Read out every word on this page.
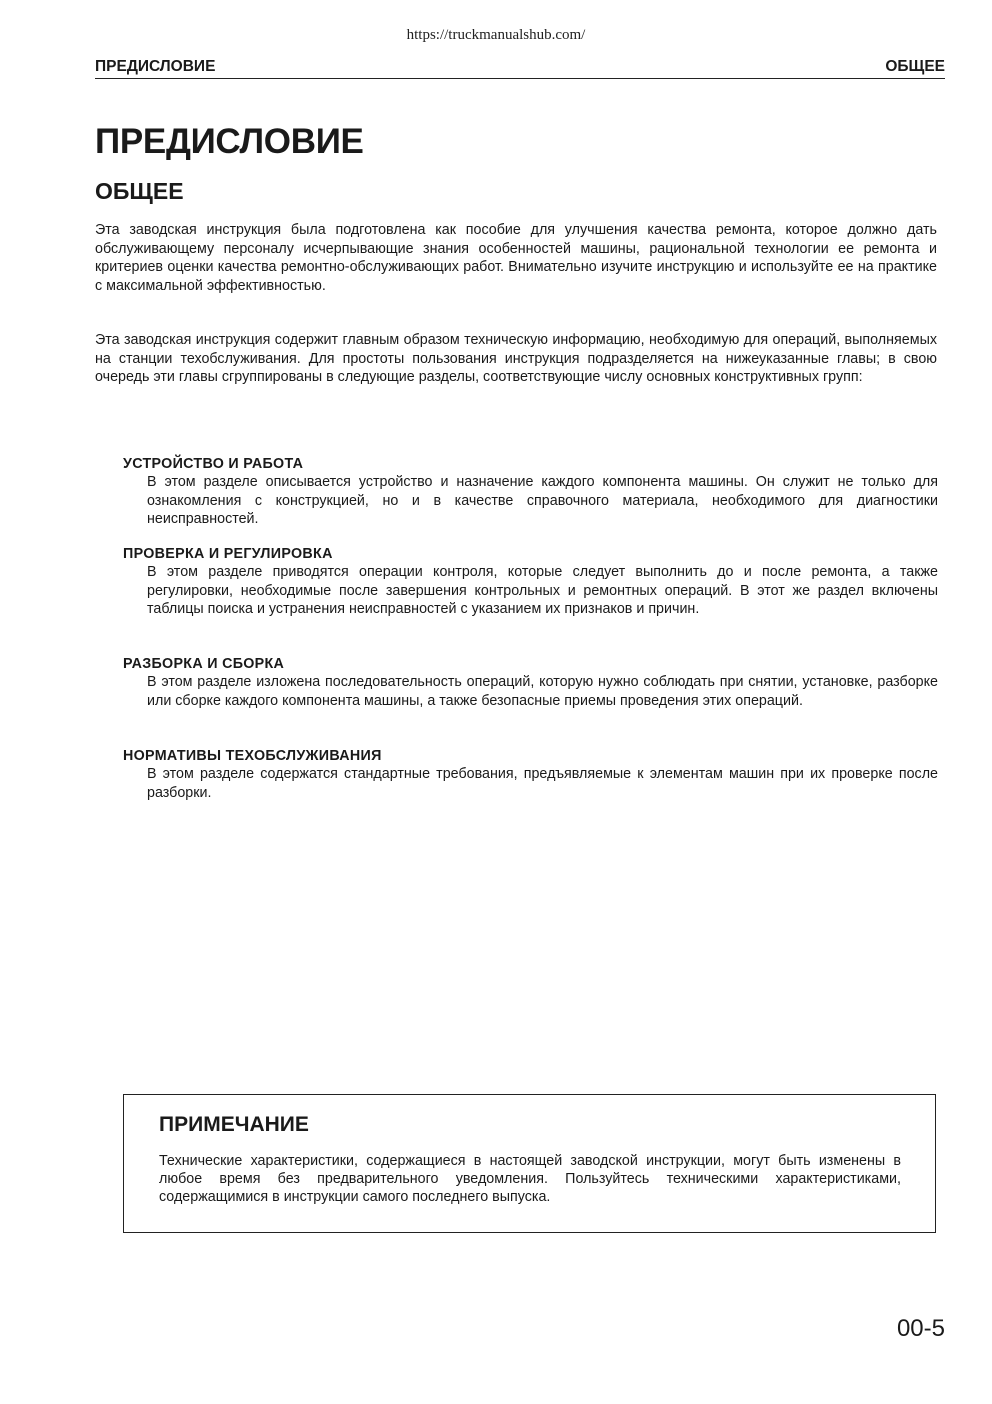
https://truckmanualshub.com/
ПРЕДИСЛОВИЕ	ОБЩЕЕ
ПРЕДИСЛОВИЕ
ОБЩЕЕ

Эта заводская инструкция была подготовлена как пособие для улучшения качества ремонта, которое должно дать обслуживающему персоналу исчерпывающие знания особенностей машины, рациональной технологии ее ремонта и критериев оценки качества ремонтно-обслуживающих работ. Внимательно изучите инструкцию и используйте ее на практике с максимальной эффективностью.

Эта заводская инструкция содержит главным образом техническую информацию, необходимую для операций, выполняемых на станции техобслуживания. Для простоты пользования инструкция подразделяется на нижеуказанные главы; в свою очередь эти главы сгруппированы в следующие разделы, соответствующие числу основных конструктивных групп:

УСТРОЙСТВО И РАБОТА

В этом разделе описывается устройство и назначение каждого компонента машины. Он служит не только для ознакомления с конструкцией, но и в качестве справочного материала, необходимого для диагностики неисправностей.

ПРОВЕРКА И РЕГУЛИРОВКА

В этом разделе приводятся операции контроля, которые следует выполнить до и после ремонта, а также регулировки, необходимые после завершения контрольных и ремонтных операций. В этот же раздел включены таблицы поиска и устранения неисправностей с указанием их признаков и причин.

РАЗБОРКА И СБОРКА

В этом разделе изложена последовательность операций, которую нужно соблюдать при снятии, установке, разборке или сборке каждого компонента машины, а также безопасные приемы проведения этих операций.

НОРМАТИВЫ ТЕХОБСЛУЖИВАНИЯ

В этом разделе содержатся стандартные требования, предъявляемые к элементам машин при их проверке после разборки.

ПРИМЕЧАНИЕ

Технические характеристики, содержащиеся в настоящей заводской инструкции, могут быть изменены в любое время без предварительного уведомления. Пользуйтесь техническими характеристиками, содержащимися в инструкции самого последнего выпуска.

00-5
